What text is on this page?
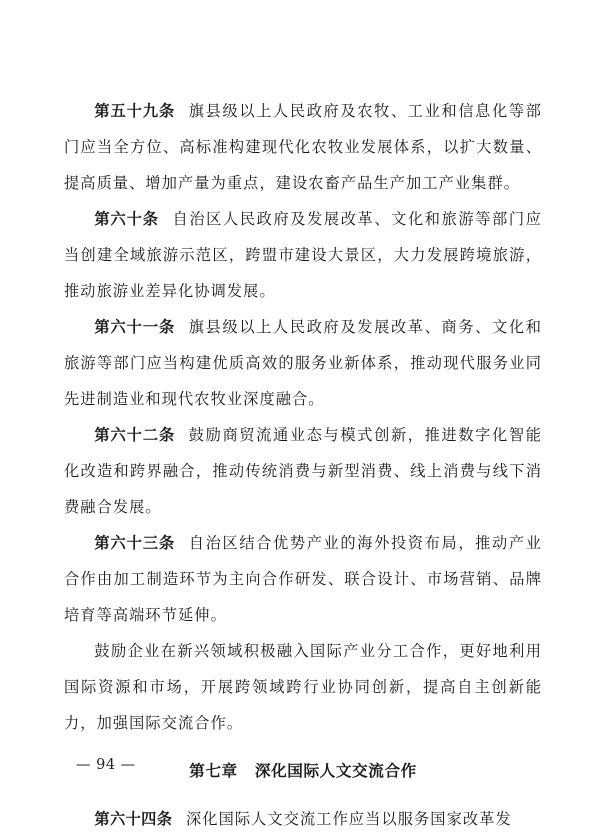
第五十九条 旗县级以上人民政府及农牧、工业和信息化等部门应当全方位、高标准构建现代化农牧业发展体系，以扩大数量、提高质量、增加产量为重点，建设农畜产品生产加工产业集群。

第六十条 自治区人民政府及发展改革、文化和旅游等部门应当创建全域旅游示范区，跨盟市建设大景区，大力发展跨境旅游，推动旅游业差异化协调发展。

第六十一条 旗县级以上人民政府及发展改革、商务、文化和旅游等部门应当构建优质高效的服务业新体系，推动现代服务业同先进制造业和现代农牧业深度融合。

第六十二条 鼓励商贸流通业态与模式创新，推进数字化智能化改造和跨界融合，推动传统消费与新型消费、线上消费与线下消费融合发展。

第六十三条 自治区结合优势产业的海外投资布局，推动产业合作由加工制造环节为主向合作研发、联合设计、市场营销、品牌培育等高端环节延伸。

鼓励企业在新兴领域积极融入国际产业分工合作，更好地利用国际资源和市场，开展跨领域跨行业协同创新，提高自主创新能力，加强国际交流合作。

第七章 深化国际人文交流合作

第六十四条 深化国际人文交流工作应当以服务国家改革发

— 94 —
